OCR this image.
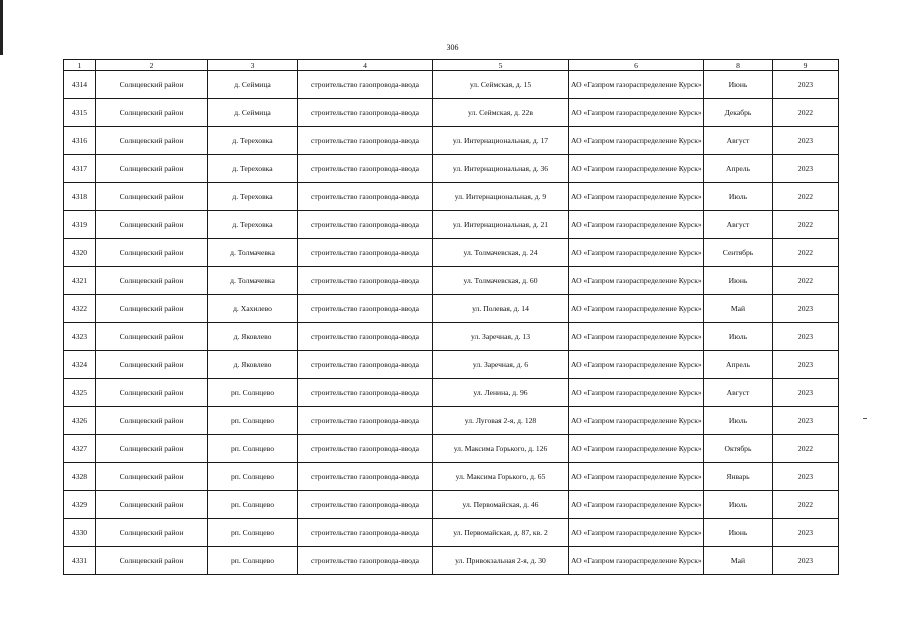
306
1	2	3	4	5	6	8	9
4314	Солнцевский район	д. Сеймица	строительство газопровода-ввода	ул. Сеймская, д. 15	АО «Газпром газораспределение Курск»	Июнь	2023
4315	Солнцевский район	д. Сеймица	строительство газопровода-ввода	ул. Сеймская, д. 22в	АО «Газпром газораспределение Курск»	Декабрь	2022
4316	Солнцевский район	д. Тереховка	строительство газопровода-ввода	ул. Интернациональная, д. 17	АО «Газпром газораспределение Курск»	Август	2023
4317	Солнцевский район	д. Тереховка	строительство газопровода-ввода	ул. Интернациональная, д. 36	АО «Газпром газораспределение Курск»	Апрель	2023
4318	Солнцевский район	д. Тереховка	строительство газопровода-ввода	ул. Интернациональная, д. 9	АО «Газпром газораспределение Курск»	Июль	2022
4319	Солнцевский район	д. Тереховка	строительство газопровода-ввода	ул. Интернациональная, д. 21	АО «Газпром газораспределение Курск»	Август	2022
4320	Солнцевский район	д. Толмачевка	строительство газопровода-ввода	ул. Толмачевская, д. 24	АО «Газпром газораспределение Курск»	Сентябрь	2022
4321	Солнцевский район	д. Толмачевка	строительство газопровода-ввода	ул. Толмачевская, д. 60	АО «Газпром газораспределение Курск»	Июнь	2022
4322	Солнцевский район	д. Хахилево	строительство газопровода-ввода	ул. Полевая, д. 14	АО «Газпром газораспределение Курск»	Май	2023
4323	Солнцевский район	д. Яковлево	строительство газопровода-ввода	ул. Заречная, д. 13	АО «Газпром газораспределение Курск»	Июль	2023
4324	Солнцевский район	д. Яковлево	строительство газопровода-ввода	ул. Заречная, д. 6	АО «Газпром газораспределение Курск»	Апрель	2023
4325	Солнцевский район	рп. Солнцево	строительство газопровода-ввода	ул. Ленина, д. 96	АО «Газпром газораспределение Курск»	Август	2023
4326	Солнцевский район	рп. Солнцево	строительство газопровода-ввода	ул. Луговая 2-я, д. 128	АО «Газпром газораспределение Курск»	Июль	2023
4327	Солнцевский район	рп. Солнцево	строительство газопровода-ввода	ул. Максима Горького, д. 126	АО «Газпром газораспределение Курск»	Октябрь	2022
4328	Солнцевский район	рп. Солнцево	строительство газопровода-ввода	ул. Максима Горького, д. 65	АО «Газпром газораспределение Курск»	Январь	2023
4329	Солнцевский район	рп. Солнцево	строительство газопровода-ввода	ул. Первомайская, д. 46	АО «Газпром газораспределение Курск»	Июль	2022
4330	Солнцевский район	рп. Солнцево	строительство газопровода-ввода	ул. Первомайская, д. 87, кв. 2	АО «Газпром газораспределение Курск»	Июнь	2023
4331	Солнцевский район	рп. Солнцево	строительство газопровода-ввода	ул. Привокзальная 2-я, д. 30	АО «Газпром газораспределение Курск»	Май	2023
